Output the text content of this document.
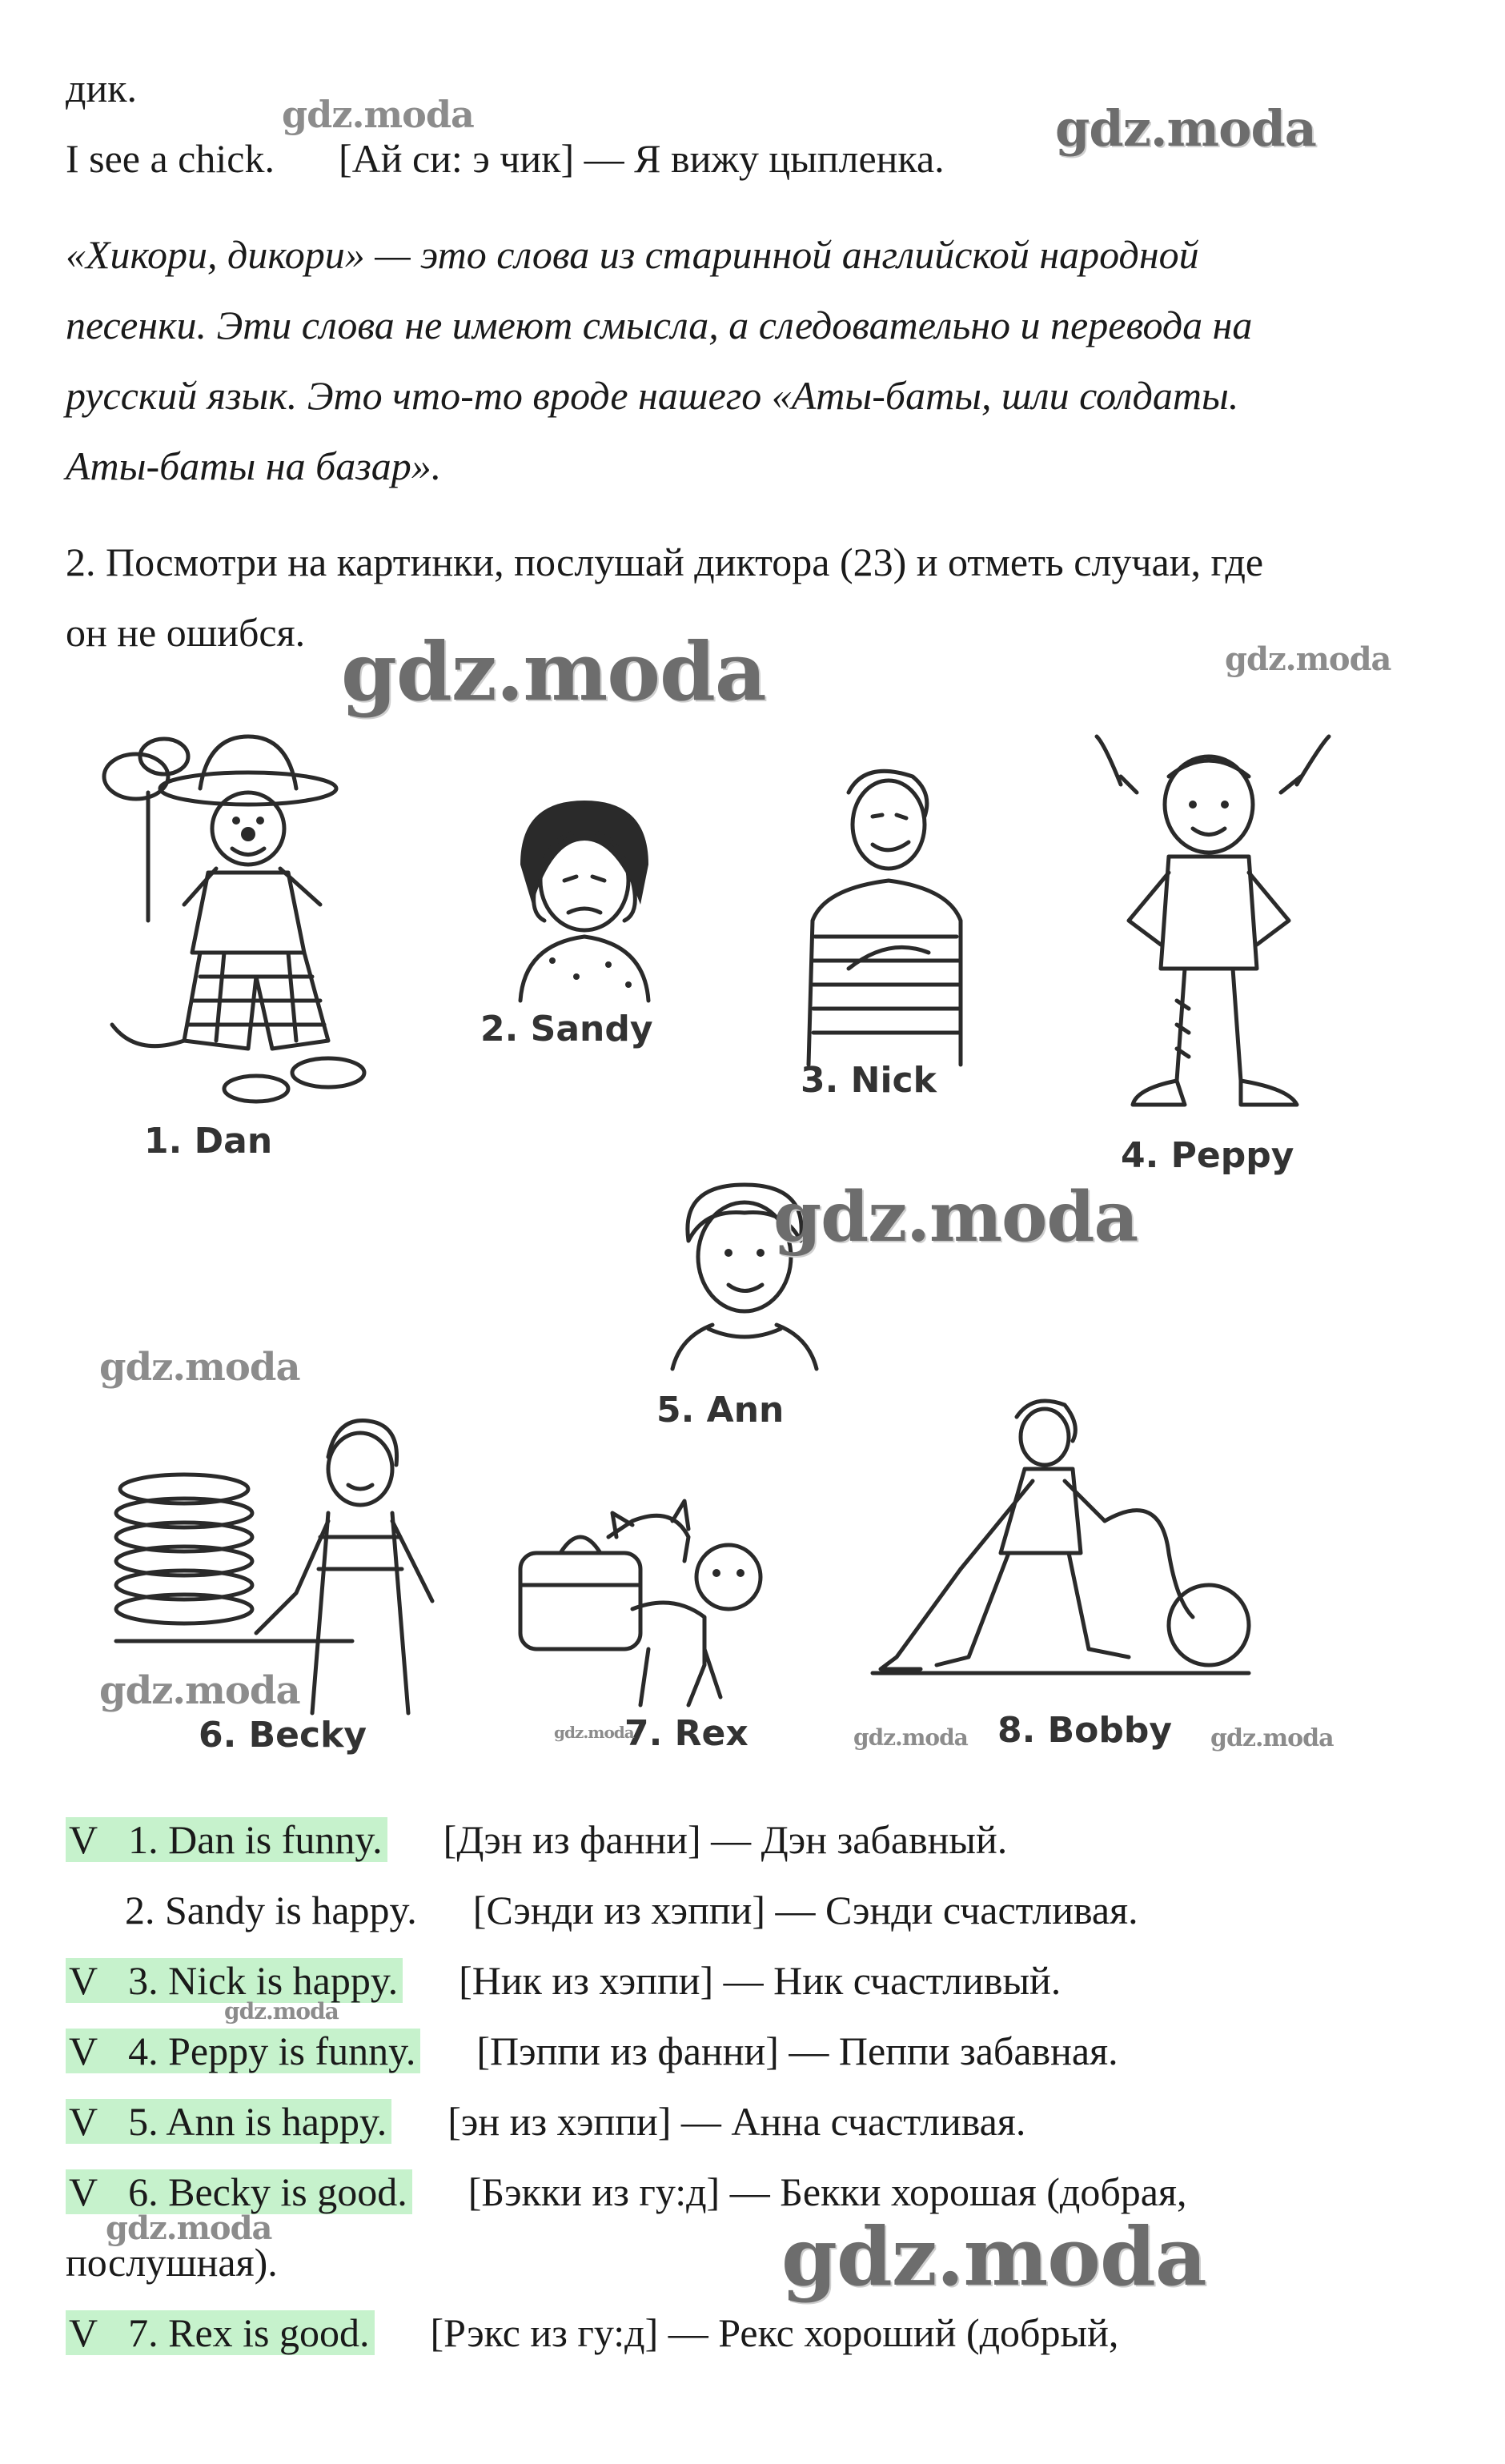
дик.
I see a chick. [Ай си: э чик] — Я вижу цыпленка.
«Хикори, дикори» — это слова из старинной английской народной
песенки. Эти слова не имеют смысла, а следовательно и перевода на
русский язык. Это что-то вроде нашего «Аты-баты, шли солдаты.
Аты-баты на базар».
2. Посмотри на картинки, послушай диктора (23) и отметь случаи, где
он не ошибся.
1. Dan
2. Sandy
3. Nick
4. Peppy
5. Ann
6. Becky	7. Rex	8. Bobby
V 1. Dan is funny. [Дэн из фанни] — Дэн забавный.
2. Sandy is happy. [Сэнди из хэппи] — Сэнди счастливая.
V 3. Nick is happy. [Ник из хэппи] — Ник счастливый.
V 4. Peppy is funny. [Пэппи из фанни] — Пеппи забавная.
V 5. Ann is happy. [эн из хэппи] — Анна счастливая.
V 6. Becky is good. [Бэкки из гу:д] — Бекки хорошая (добрая,
послушная).
V 7. Rex is good. [Рэкс из гу:д] — Рекс хороший (добрый,
gdz.moda	gdz.moda
gdz.moda	gdz.moda
gdz.moda
gdz.moda
gdz.moda
gdz.moda	gdz.moda	gdz.moda
gdz.moda
gdz.moda	gdz.moda
